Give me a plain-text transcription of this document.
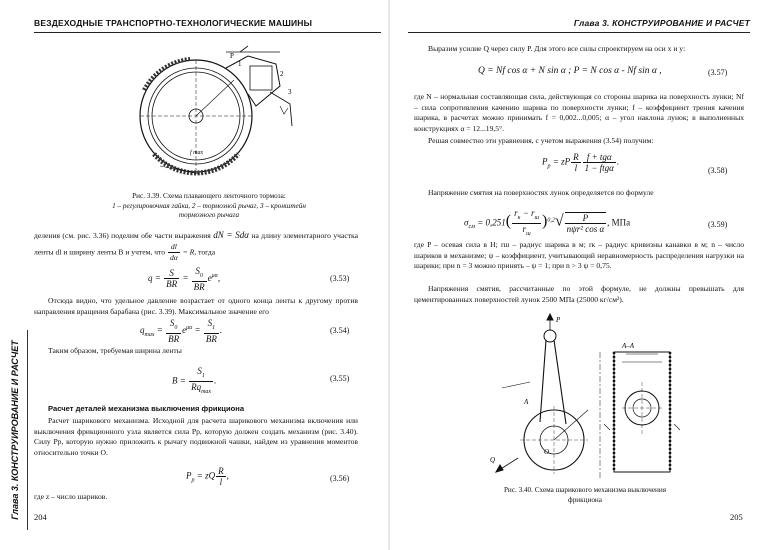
ВЕЗДЕХОДНЫЕ ТРАНСПОРТНО-ТЕХНОЛОГИЧЕСКИЕ МАШИНЫ
P
1
2
3
f max
Рис. 3.39. Схема плавающего ленточного тормоза:
1 – регулировочная гайка, 2 – тормозной рычаг, 3 – кронштейн тормозного рычага
деления (см. рис. 3.36) поделим обе части выражения dN = Sdα на длину элементарного участка ленты dl и ширину ленты B и учтем, что $\frac{dl}{d\alpha} = R$, тогда
$q = \frac{S}{BR} = \frac{S_0}{BR} e^{\mu\alpha}$,	(3.53)
Отсюда видно, что удельное давление возрастает от одного конца ленты к другому против направления вращения барабана (рис. 3.39). Максимальное значение его
$q_{max} = \frac{S_0}{BR} e^{\mu\alpha} = \frac{S_1}{BR}$ .	(3.54)
Таким образом, требуемая ширина ленты
$B = \frac{S_1}{Rq_{max}}$ .	(3.55)
Расчет деталей механизма выключения фрикциона
Расчет шарикового механизма. Исходной для расчета шарикового механизма включения или выключения фрикционного узла является сила Pp, которую должен создать механизм (рис. 3.40). Силу Pp, которую нужно приложить к рычагу подвижной чашки, найдем из уравнения моментов относительно точки O.
$P_p$ = zQ $\frac{R}{l}$ ,	(3.56)
где z – число шариков.
Глава 3. КОНСТРУИРОВАНИЕ И РАСЧЕТ 204
Глава 3. КОНСТРУИРОВАНИЕ И РАСЧЕТ
Выразим усилие Q через силу P. Для этого все силы спроектируем на оси x и y:
Q = Nf cos α + N sin α ; P = N cos α - Nf sin α ,	(3.57)
где N – нормальная составляющая сила, действующая со стороны шарика на поверхность лунки; Nf – сила сопротивления качению шарика по поверхности лунки; f – коэффициент трения качения шарика, в расчетах можно принимать f = 0,002...0,005; α – угол наклона лунок; в выполненных конструкциях α = 12...19,5°.
Решая совместно эти уравнения, с учетом выражения (3.54) получим:
$P_p$ = zP $\frac{R}{l} \frac{\text{f + tgα}}{\text{1 − ftgα}}$ .
(3.58)
Напряжение смятия на поверхностях лунок определяется по формуле
$\sigma_{см} = 0,251( \frac{r_к - r_ш}{r_ш} )^{0,2}√ \frac{P}{\text{nψr² cos α}}$ , МПа	(3.59)
где P – осевая сила в H; rш – радиус шарика в м; rк – радиус кривизны канавки в м; n – число шариков в механизме; ψ – коэффициент, учитывающий неравномерность распределения нагрузки на шарики; при n = 3 можно принять – ψ = 1; при n > 3 ψ = 0,75.
Напряжения смятия, рассчитанные по этой формуле, не должны превышать для цементированных поверхностей лунок 2500 МПа (25000 кг/см²).
P
A–A
Q
O
A
Рис. 3.40. Схема шарикового механизма выключения фрикциона
205
